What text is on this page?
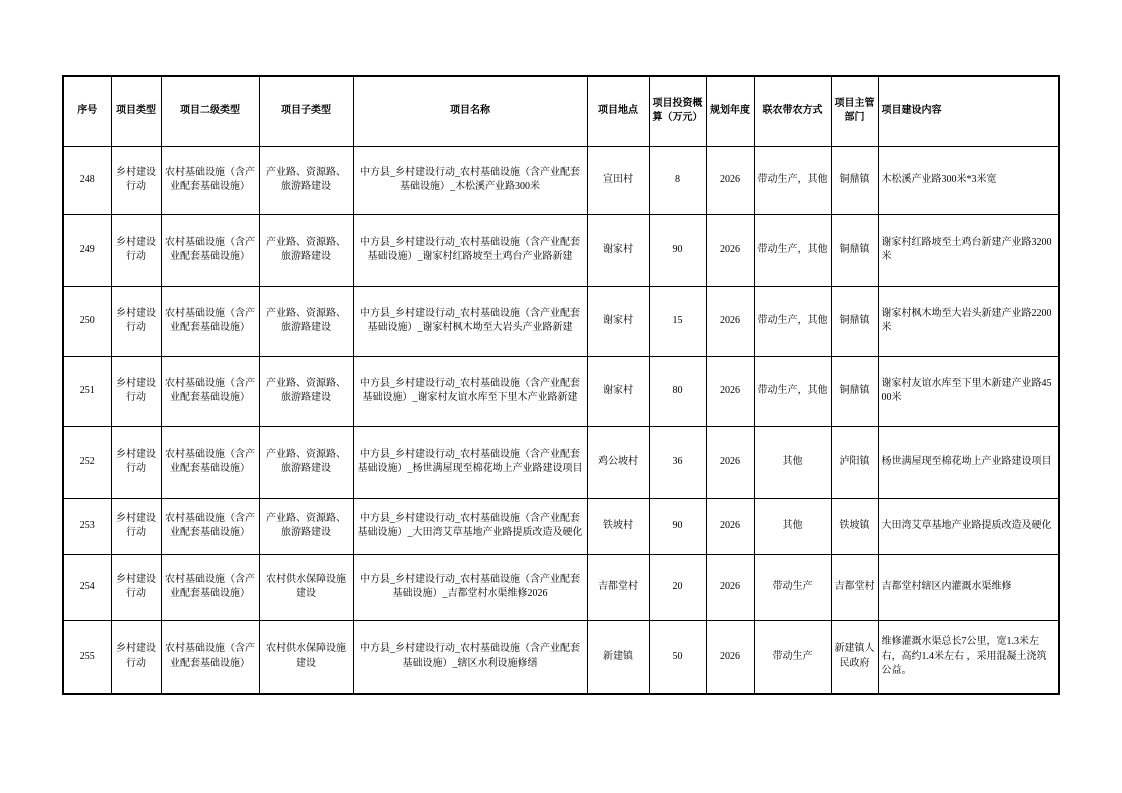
序号	项目类型	项目二级类型	项目子类型	项目名称	项目地点	项目投资概算（万元）	规划年度	联农带农方式	项目主管部门	项目建设内容
248	乡村建设行动	农村基础设施（含产业配套基础设施）	产业路、资源路、旅游路建设	中方县_乡村建设行动_农村基础设施（含产业配套基础设施）_木松溪产业路300米	宣田村	8	2026	带动生产，其他	铜鼎镇	木松溪产业路300米*3米宽
249	乡村建设行动	农村基础设施（含产业配套基础设施）	产业路、资源路、旅游路建设	中方县_乡村建设行动_农村基础设施（含产业配套基础设施）_谢家村红路坡至土鸡台产业路新建	谢家村	90	2026	带动生产，其他	铜鼎镇	谢家村红路坡至土鸡台新建产业路3200米
250	乡村建设行动	农村基础设施（含产业配套基础设施）	产业路、资源路、旅游路建设	中方县_乡村建设行动_农村基础设施（含产业配套基础设施）_谢家村枫木坳至大岩头产业路新建	谢家村	15	2026	带动生产，其他	铜鼎镇	谢家村枫木坳至大岩头新建产业路2200米
251	乡村建设行动	农村基础设施（含产业配套基础设施）	产业路、资源路、旅游路建设	中方县_乡村建设行动_农村基础设施（含产业配套基础设施）_谢家村友谊水库至下里木产业路新建	谢家村	80	2026	带动生产，其他	铜鼎镇	谢家村友谊水库至下里木新建产业路4500米
252	乡村建设行动	农村基础设施（含产业配套基础设施）	产业路、资源路、旅游路建设	中方县_乡村建设行动_农村基础设施（含产业配套基础设施）_杨世满屋现至棉花坳上产业路建设项目	鸡公坡村	36	2026	其他	泸阳镇	杨世满屋现至棉花坳上产业路建设项目
253	乡村建设行动	农村基础设施（含产业配套基础设施）	产业路、资源路、旅游路建设	中方县_乡村建设行动_农村基础设施（含产业配套基础设施）_大田湾艾草基地产业路提质改造及硬化	铁坡村	90	2026	其他	铁坡镇	大田湾艾草基地产业路提质改造及硬化
254	乡村建设行动	农村基础设施（含产业配套基础设施）	农村供水保障设施建设	中方县_乡村建设行动_农村基础设施（含产业配套基础设施）_吉都堂村水渠维修2026	吉都堂村	20	2026	带动生产	吉都堂村	吉都堂村辖区内灌溉水渠维修
255	乡村建设行动	农村基础设施（含产业配套基础设施）	农村供水保障设施建设	中方县_乡村建设行动_农村基础设施（含产业配套基础设施）_辖区水利设施修缮	新建镇	50	2026	带动生产	新建镇人民政府	维修灌溉水渠总长7公里，宽1.3米左右，高约1.4米左右 ，采用混凝土浇筑公益。
